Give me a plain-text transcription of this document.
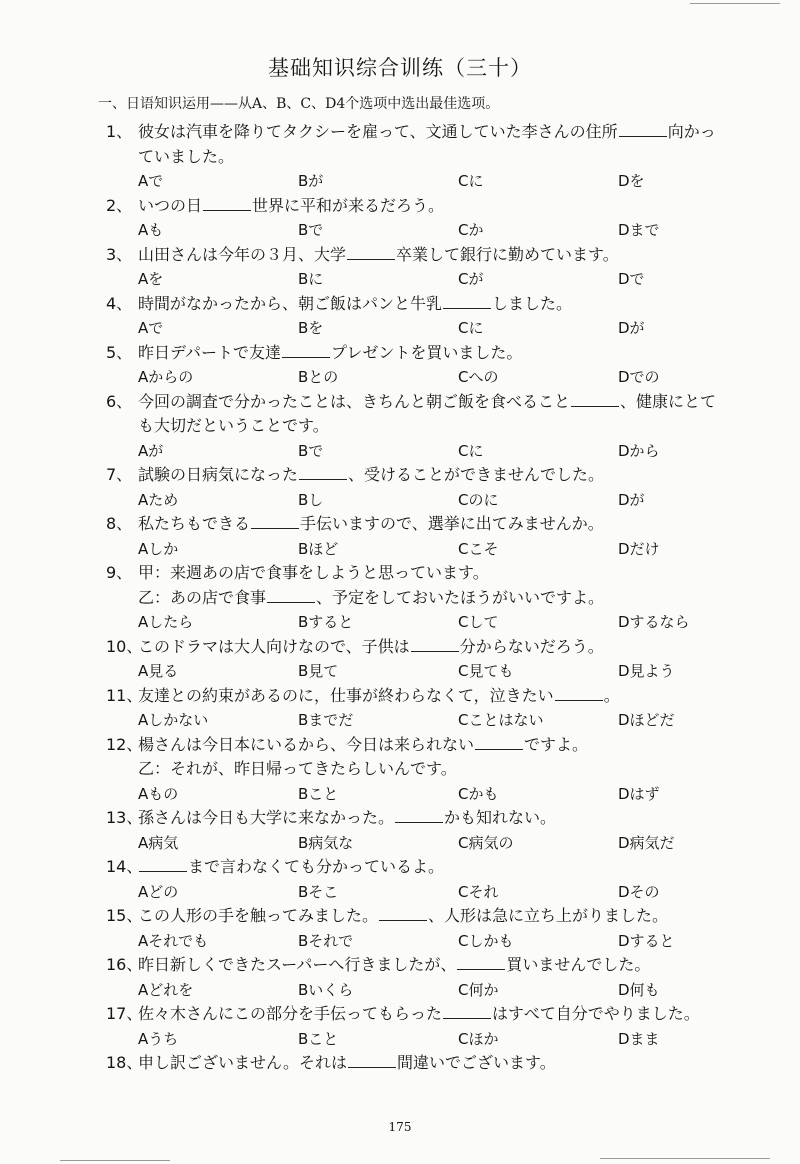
基础知识综合训练（三十）
一、日语知识运用——从A、B、C、D4个选项中选出最佳选项。
1、 彼女は汽車を降りてタクシーを雇って、文通していた李さんの住所	向かっ
ていました。
Aで	Bが	Cに	Dを
2、 いつの日	世界に平和が来るだろう。
Aも	Bで	Cか	Dまで
3、 山田さんは今年の３月、大学	卒業して銀行に勤めています。
Aを	Bに	Cが	Dで
4、 時間がなかったから、朝ご飯はパンと牛乳	しました。
Aで	Bを	Cに	Dが
5、 昨日デパートで友達	プレゼントを買いました。
Aからの	Bとの	Cへの	Dでの
6、 今回の調査で分かったことは、きちんと朝ご飯を食べること	、健康にとて
も大切だということです。
Aが	Bで	Cに	Dから
7、 試験の日病気になった	、受けることができませんでした。
Aため	Bし	Cのに	Dが
8、 私たちもできる	手伝いますので、選挙に出てみませんか。
Aしか	Bほど	Cこそ	Dだけ
9、 甲：来週あの店で食事をしようと思っています。
乙：あの店で食事	、予定をしておいたほうがいいですよ。
Aしたら	Bすると	Cして	Dするなら
10、このドラマは大人向けなので、子供は	分からないだろう。
A見る	B見て	C見ても	D見よう
11、友達との約束があるのに，仕事が終わらなくて，泣きたい	。
Aしかない	Bまでだ	Cことはない	Dほどだ
12、楊さんは今日本にいるから、今日は来られない	ですよ。
乙：それが、昨日帰ってきたらしいんです。
Aもの	Bこと	Cかも	Dはず
13、孫さんは今日も大学に来なかった。	かも知れない。
A病気	B病気な	C病気の	D病気だ
14、	まで言わなくても分かっているよ。
Aどの	Bそこ	Cそれ	Dその
15、この人形の手を触ってみました。	、人形は急に立ち上がりました。
Aそれでも	Bそれで	Cしかも	Dすると
16、昨日新しくできたスーパーへ行きましたが、	買いませんでした。
Aどれを	Bいくら	C何か	D何も
17、佐々木さんにこの部分を手伝ってもらった	はすべて自分でやりました。
Aうち	Bこと	Cほか	Dまま
18、申し訳ございません。それは	間違いでございます。
175
